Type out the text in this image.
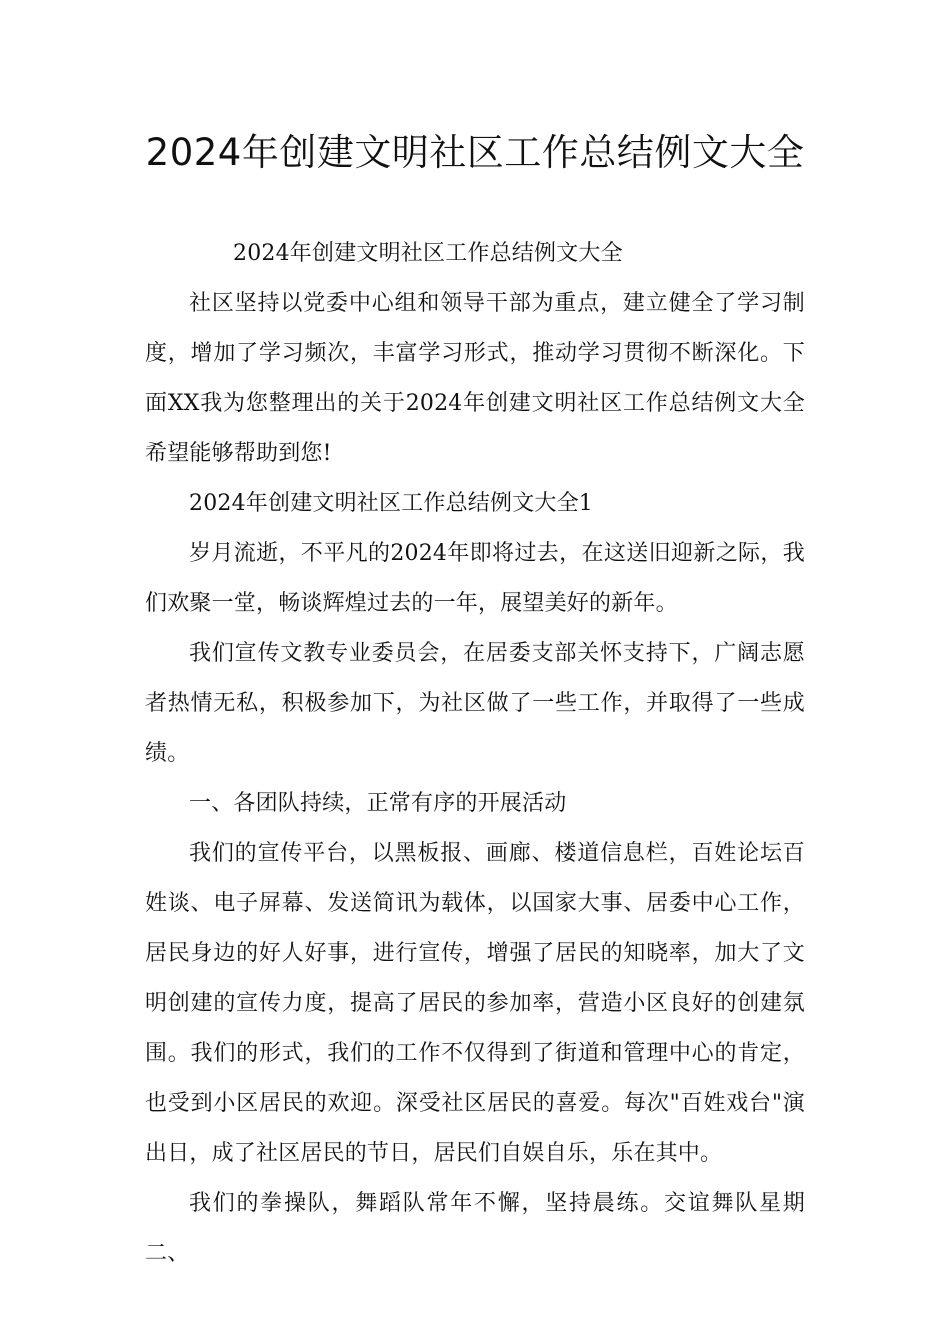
2024年创建文明社区工作总结例文大全

2024年创建文明社区工作总结例文大全

社区坚持以党委中心组和领导干部为重点，建立健全了学习制度，增加了学习频次，丰富学习形式，推动学习贯彻不断深化。下面XX我为您整理出的关于2024年创建文明社区工作总结例文大全希望能够帮助到您!

2024年创建文明社区工作总结例文大全1

岁月流逝，不平凡的2024年即将过去，在这送旧迎新之际，我们欢聚一堂，畅谈辉煌过去的一年，展望美好的新年。

我们宣传文教专业委员会，在居委支部关怀支持下，广阔志愿者热情无私，积极参加下，为社区做了一些工作，并取得了一些成绩。

一、各团队持续，正常有序的开展活动

我们的宣传平台，以黑板报、画廊、楼道信息栏，百姓论坛百姓谈、电子屏幕、发送简讯为载体，以国家大事、居委中心工作，居民身边的好人好事，进行宣传，增强了居民的知晓率，加大了文明创建的宣传力度，提高了居民的参加率，营造小区良好的创建氛围。我们的形式，我们的工作不仅得到了街道和管理中心的肯定，也受到小区居民的欢迎。深受社区居民的喜爱。每次"百姓戏台"演出日，成了社区居民的节日，居民们自娱自乐，乐在其中。

我们的拳操队，舞蹈队常年不懈，坚持晨练。交谊舞队星期二、
